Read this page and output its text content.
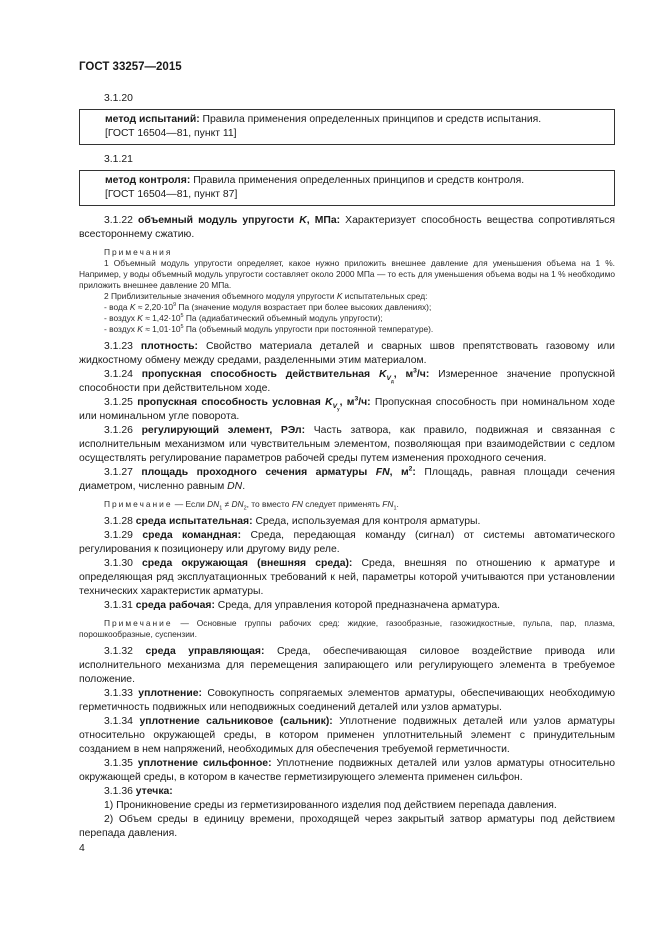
ГОСТ 33257—2015

3.1.20

метод испытаний: Правила применения определенных принципов и средств испытания.

[ГОСТ 16504—81, пункт 11]

3.1.21

метод контроля: Правила применения определенных принципов и средств контроля.

[ГОСТ 16504—81, пункт 87]

3.1.22 объемный модуль упругости K, МПа: Характеризует способность вещества сопротивляться всестороннему сжатию.

Примечания

1 Объемный модуль упругости определяет, какое нужно приложить внешнее давление для уменьшения объема на 1 %. Например, у воды объемный модуль упругости составляет около 2000 МПа — то есть для уменьшения объема воды на 1 % необходимо приложить внешнее давление 20 МПа.

2 Приблизительные значения объемного модуля упругости K испытательных сред:

- вода $K \approx 2,20\cdot 10^9$ Па (значение модуля возрастает при более высоких давлениях);

- воздух $K \approx 1,42\cdot 10^5$ Па (адиабатический объемный модуль упругости);

- воздух $K \approx 1,01\cdot 10^5$ Па (объемный модуль упругости при постоянной температуре).

3.1.23 плотность: Свойство материала деталей и сварных швов препятствовать газовому или жидкостному обмену между средами, разделенными этим материалом.

3.1.24 пропускная способность действительная $K_{V_д}$, $м^3/ч$: Измеренное значение пропускной способности при действительном ходе.

3.1.25 пропускная способность условная $K_{V_у}$, $м^3/ч$: Пропускная способность при номинальном ходе или номинальном угле поворота.

3.1.26 регулирующий элемент, РЭл: Часть затвора, как правило, подвижная и связанная с исполнительным механизмом или чувствительным элементом, позволяющая при взаимодействии с седлом осуществлять регулирование параметров рабочей среды путем изменения проходного сечения.

3.1.27 площадь проходного сечения арматуры FN, $м^2$: Площадь, равная площади сечения диаметром, численно равным DN.

Примечание — Если $DN_1 \ne DN_2$, то вместо FN следует применять $FN_1$.

3.1.28 среда испытательная: Среда, используемая для контроля арматуры.

3.1.29 среда командная: Среда, передающая команду (сигнал) от системы автоматического регулирования к позиционеру или другому виду реле.

3.1.30 среда окружающая (внешняя среда): Среда, внешняя по отношению к арматуре и определяющая ряд эксплуатационных требований к ней, параметры которой учитываются при установлении технических характеристик арматуры.

3.1.31 среда рабочая: Среда, для управления которой предназначена арматура.

Примечание — Основные группы рабочих сред: жидкие, газообразные, газожидкостные, пульпа, пар, плазма, порошкообразные, суспензии.

3.1.32 среда управляющая: Среда, обеспечивающая силовое воздействие привода или исполнительного механизма для перемещения запирающего или регулирующего элемента в требуемое положение.

3.1.33 уплотнение: Совокупность сопрягаемых элементов арматуры, обеспечивающих необходимую герметичность подвижных или неподвижных соединений деталей или узлов арматуры.

3.1.34 уплотнение сальниковое (сальник): Уплотнение подвижных деталей или узлов арматуры относительно окружающей среды, в котором применен уплотнительный элемент с принудительным созданием в нем напряжений, необходимых для обеспечения требуемой герметичности.

3.1.35 уплотнение сильфонное: Уплотнение подвижных деталей или узлов арматуры относительно окружающей среды, в котором в качестве герметизирующего элемента применен сильфон.

3.1.36 утечка:

1) Проникновение среды из герметизированного изделия под действием перепада давления.

2) Объем среды в единицу времени, проходящей через закрытый затвор арматуры под действием перепада давления.

4
